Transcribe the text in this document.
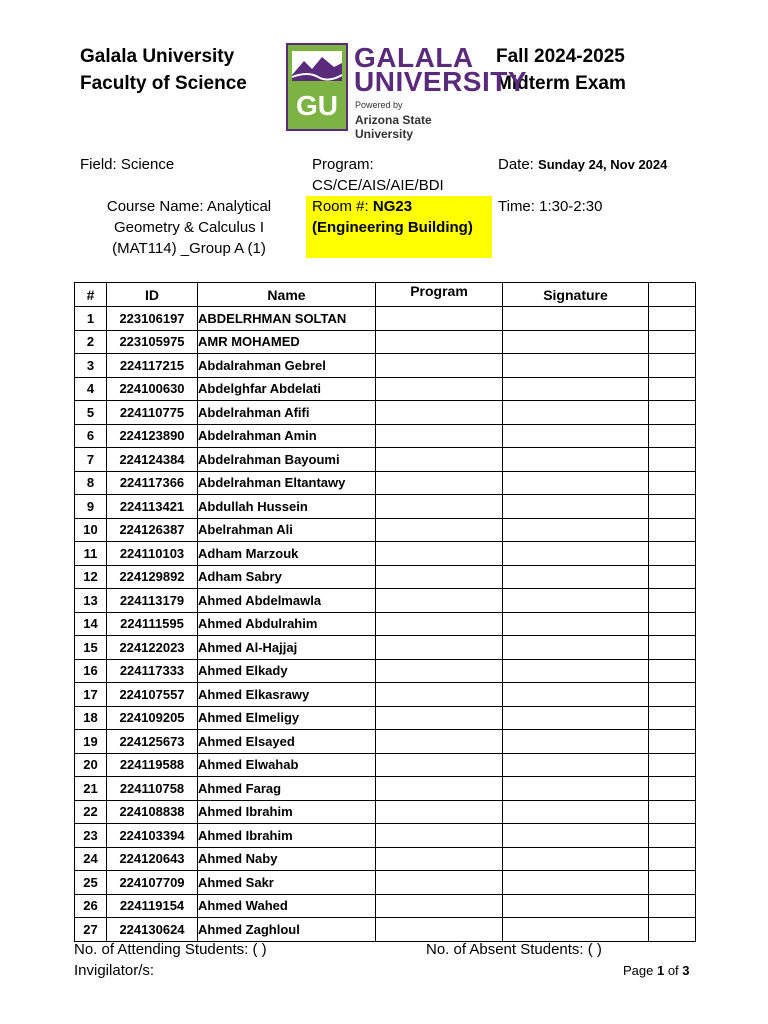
Galala University
Faculty of Science
Fall 2024-2025
Midterm Exam
GU
GALALA
UNIVERSITY
Powered by
Arizona State University
Field: Science	Program:
CS/CE/AIS/AIE/BDI
Date: Sunday 24, Nov 2024
Course Name: Analytical
Geometry & Calculus I
(MAT114) _Group A (1)
Room #: NG23
(Engineering Building)
Time: 1:30-2:30
#	ID	Name	Program	Signature	
1	223106197	ABDELRHMAN SOLTAN			
2	223105975	AMR MOHAMED			
3	224117215	Abdalrahman Gebrel			
4	224100630	Abdelghfar Abdelati			
5	224110775	Abdelrahman Afifi			
6	224123890	Abdelrahman Amin			
7	224124384	Abdelrahman Bayoumi			
8	224117366	Abdelrahman Eltantawy			
9	224113421	Abdullah Hussein			
10	224126387	Abelrahman Ali			
11	224110103	Adham Marzouk			
12	224129892	Adham Sabry			
13	224113179	Ahmed Abdelmawla			
14	224111595	Ahmed Abdulrahim			
15	224122023	Ahmed Al-Hajjaj			
16	224117333	Ahmed Elkady			
17	224107557	Ahmed Elkasrawy			
18	224109205	Ahmed Elmeligy			
19	224125673	Ahmed Elsayed			
20	224119588	Ahmed Elwahab			
21	224110758	Ahmed Farag			
22	224108838	Ahmed Ibrahim			
23	224103394	Ahmed Ibrahim			
24	224120643	Ahmed Naby			
25	224107709	Ahmed Sakr			
26	224119154	Ahmed Wahed			
27	224130624	Ahmed Zaghloul			
No. of Attending Students: ( )	No. of Absent Students: ( )
Invigilator/s:	Page 1 of 3
